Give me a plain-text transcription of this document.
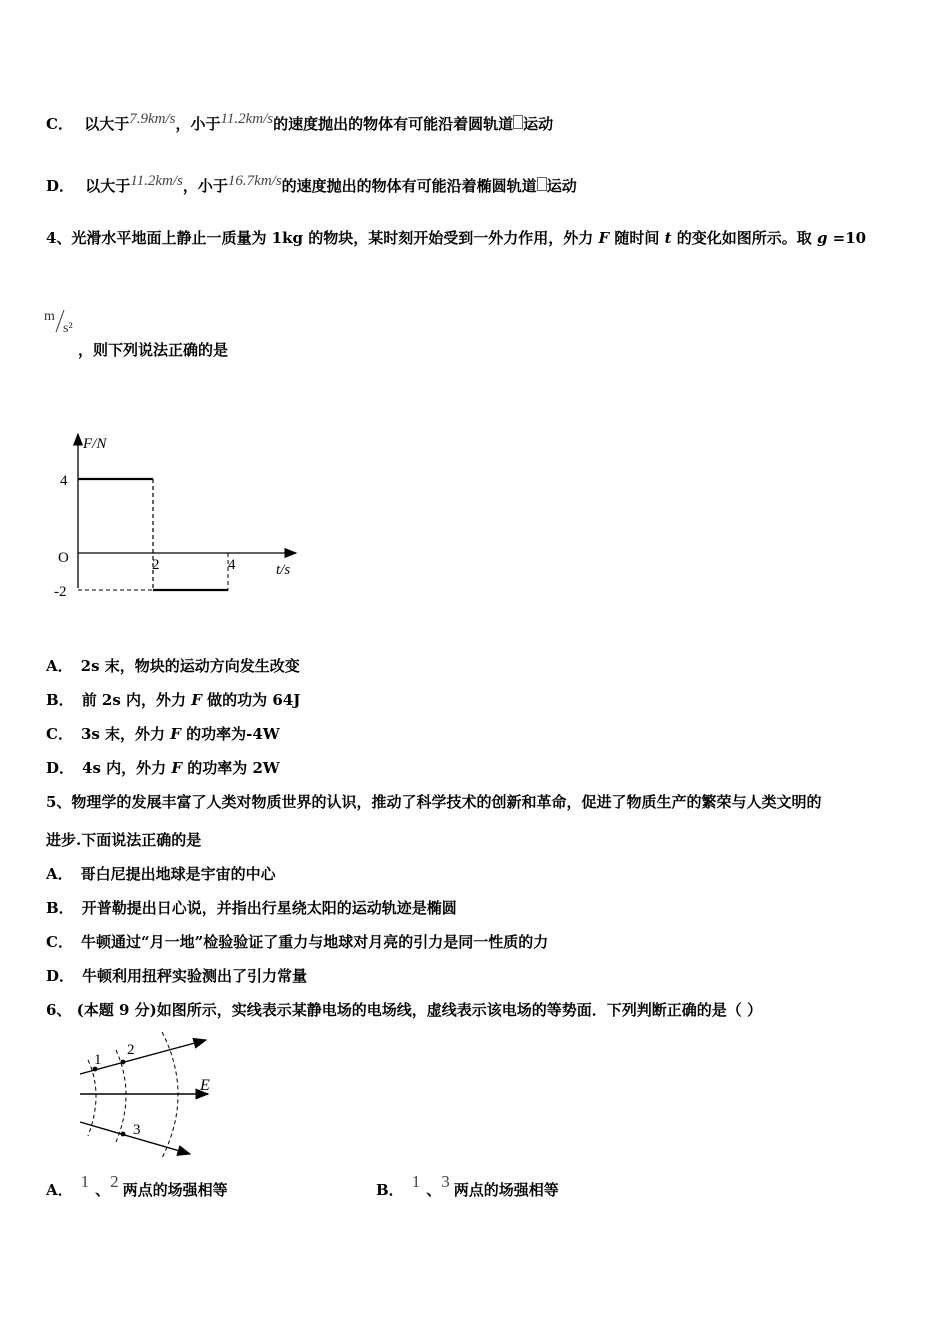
C． 以大于7.9km/s，小于11.2km/s的速度抛出的物体有可能沿着圆轨道 运动
D． 以大于11.2km/s，小于16.7km/s的速度抛出的物体有可能沿着椭圆轨道 运动
4、光滑水平地面上静止一质量为 1kg 的物块，某时刻开始受到一外力作用，外力 F 随时间 t 的变化如图所示。取 g =10
m
s²
，则下列说法正确的是
F/N
t/s
O
4
-2
2	4
A． 2s 末，物块的运动方向发生改变
B． 前 2s 内，外力 F 做的功为 64J
C． 3s 末，外力 F 的功率为-4W
D． 4s 内，外力 F 的功率为 2W
5、物理学的发展丰富了人类对物质世界的认识，推动了科学技术的创新和革命，促进了物质生产的繁荣与人类文明的
进步.下面说法正确的是
A． 哥白尼提出地球是宇宙的中心
B． 开普勒提出日心说，并指出行星绕太阳的运动轨迹是椭圆
C． 牛顿通过“月一地”检验验证了重力与地球对月亮的引力是同一性质的力
D． 牛顿利用扭秤实验测出了引力常量
6、 (本题 9 分)如图所示，实线表示某静电场的电场线，虚线表示该电场的等势面．下列判断正确的是（ ）
1
2
3
E
A． 1 、2 两点的场强相等	B． 1 、3 两点的场强相等
